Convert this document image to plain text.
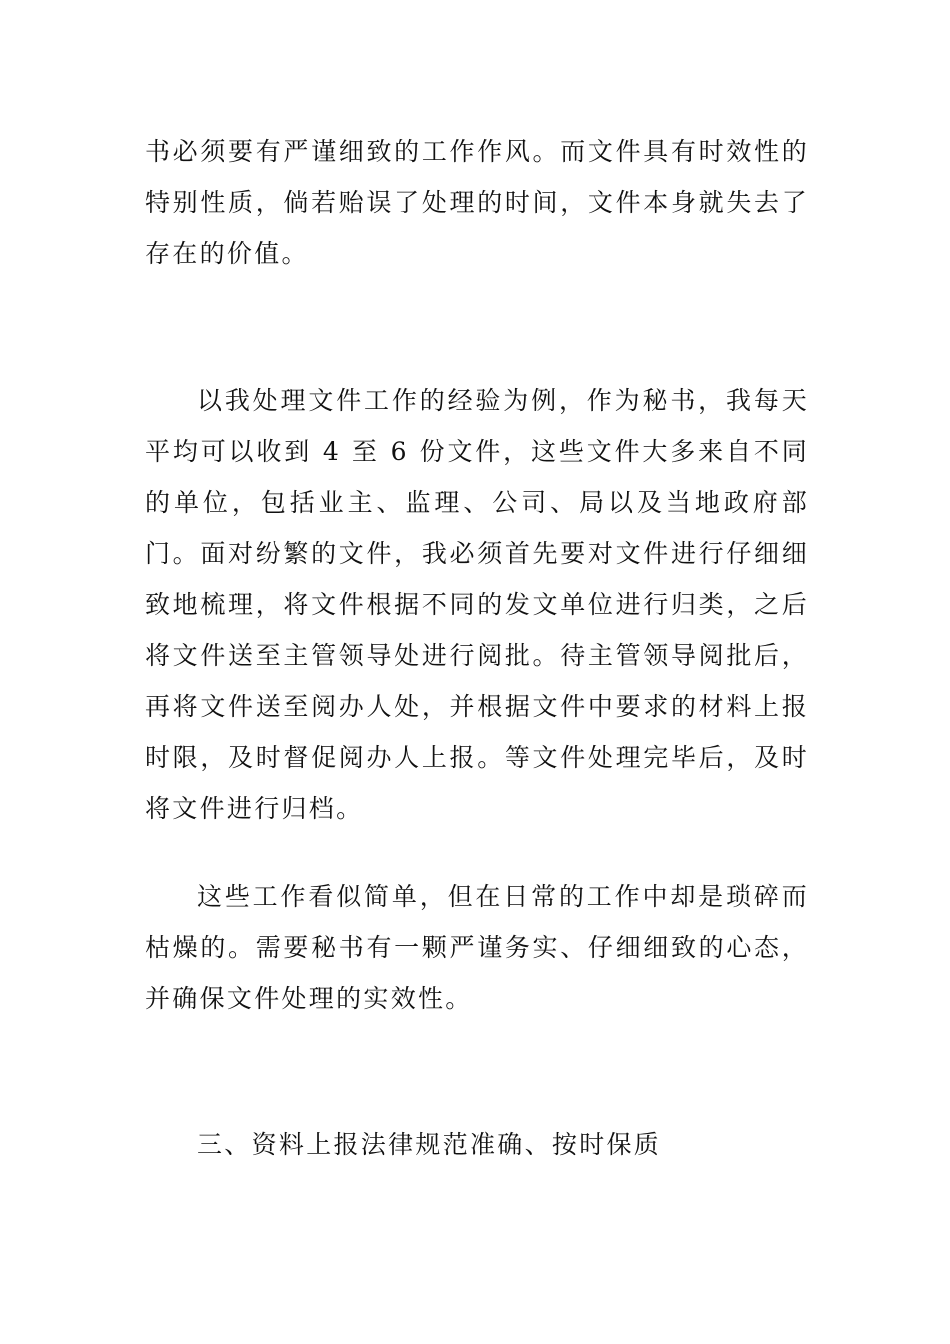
书必须要有严谨细致的工作作风。而文件具有时效性的特别性质，倘若贻误了处理的时间，文件本身就失去了存在的价值。

以我处理文件工作的经验为例，作为秘书，我每天平均可以收到 4 至 6 份文件，这些文件大多来自不同的单位，包括业主、监理、公司、局以及当地政府部门。面对纷繁的文件，我必须首先要对文件进行仔细细致地梳理，将文件根据不同的发文单位进行归类，之后将文件送至主管领导处进行阅批。待主管领导阅批后，再将文件送至阅办人处，并根据文件中要求的材料上报时限，及时督促阅办人上报。等文件处理完毕后，及时将文件进行归档。

这些工作看似简单，但在日常的工作中却是琐碎而枯燥的。需要秘书有一颗严谨务实、仔细细致的心态，并确保文件处理的实效性。

三、资料上报法律规范准确、按时保质
